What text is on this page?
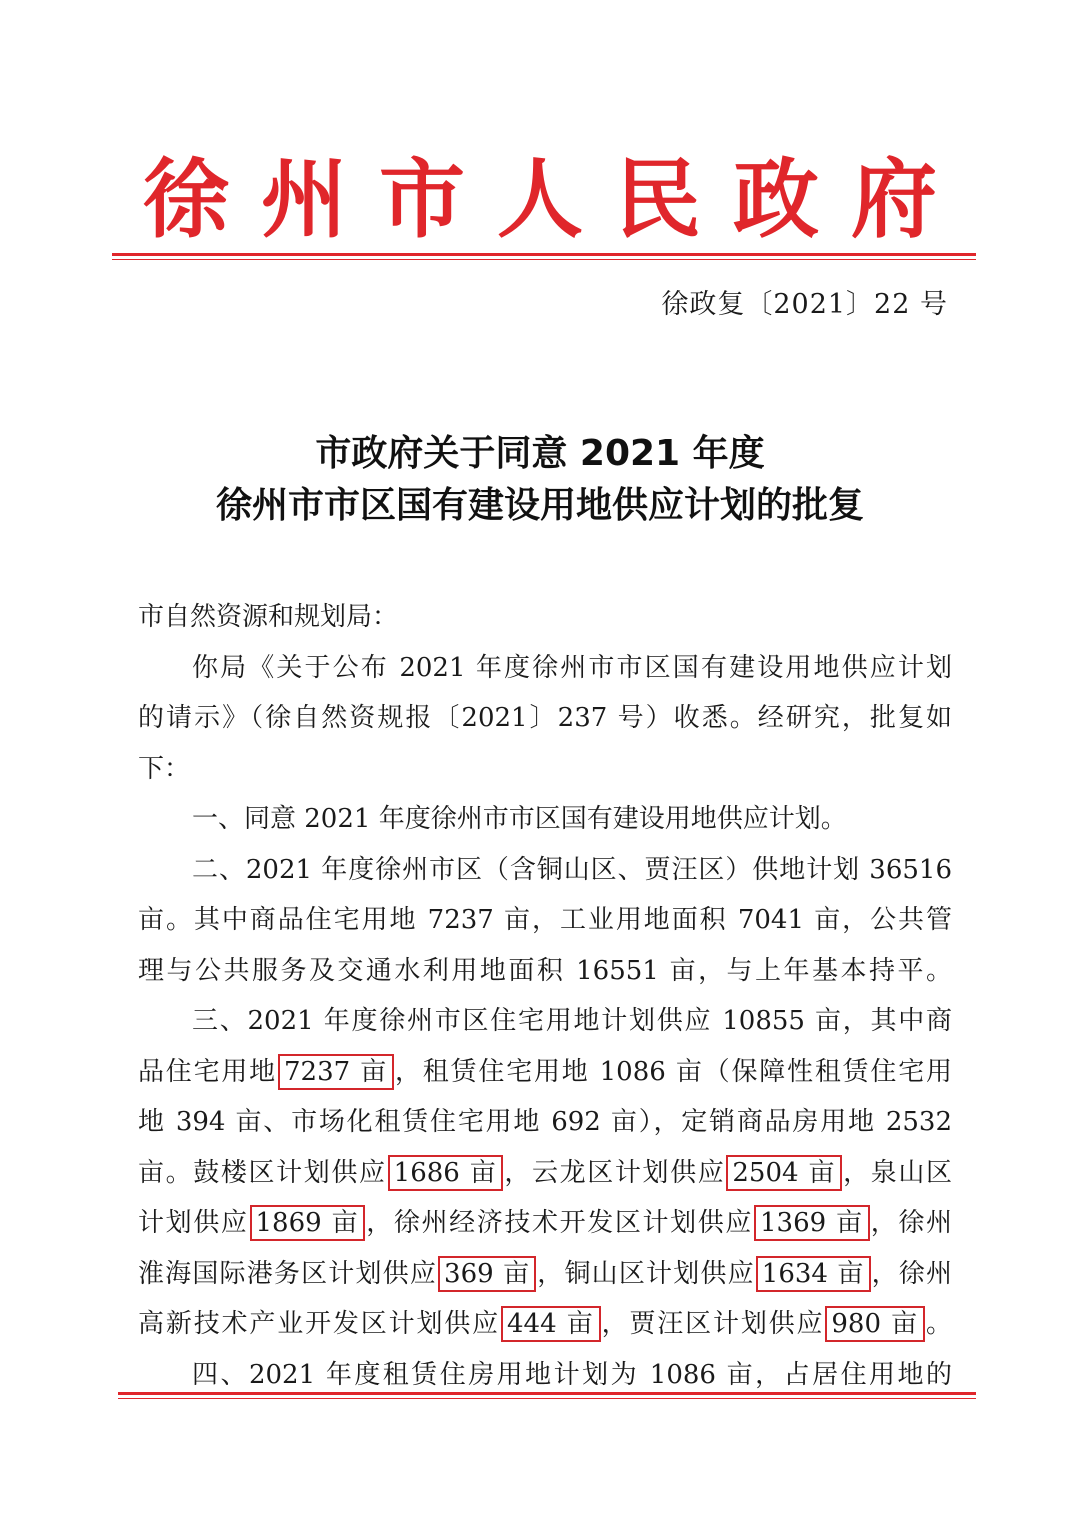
徐州市人民政府
徐政复〔2021〕22 号
市政府关于同意 2021 年度
徐州市市区国有建设用地供应计划的批复
市自然资源和规划局：
你局《关于公布 2021 年度徐州市市区国有建设用地供应计划
的请示》（徐自然资规报〔2021〕237 号）收悉。经研究，批复如
下：
一、同意 2021 年度徐州市市区国有建设用地供应计划。
二、2021 年度徐州市区（含铜山区、贾汪区）供地计划 36516
亩。其中商品住宅用地 7237 亩，工业用地面积 7041 亩，公共管
理与公共服务及交通水利用地面积 16551 亩，与上年基本持平。
三、2021 年度徐州市区住宅用地计划供应 10855 亩，其中商
品住宅用地 7237 亩 ，租赁住宅用地 1086 亩（保障性租赁住宅用
地 394 亩、市场化租赁住宅用地 692 亩），定销商品房用地 2532
亩。鼓楼区计划供应 1686 亩 ，云龙区计划供应 2504 亩 ，泉山区
计划供应 1869 亩 ，徐州经济技术开发区计划供应 1369 亩 ，徐州
淮海国际港务区计划供应 369 亩 ，铜山区计划供应 1634 亩 ，徐州
高新技术产业开发区计划供应 444 亩 ，贾汪区计划供应 980 亩 。
四、2021 年度租赁住房用地计划为 1086 亩，占居住用地的
